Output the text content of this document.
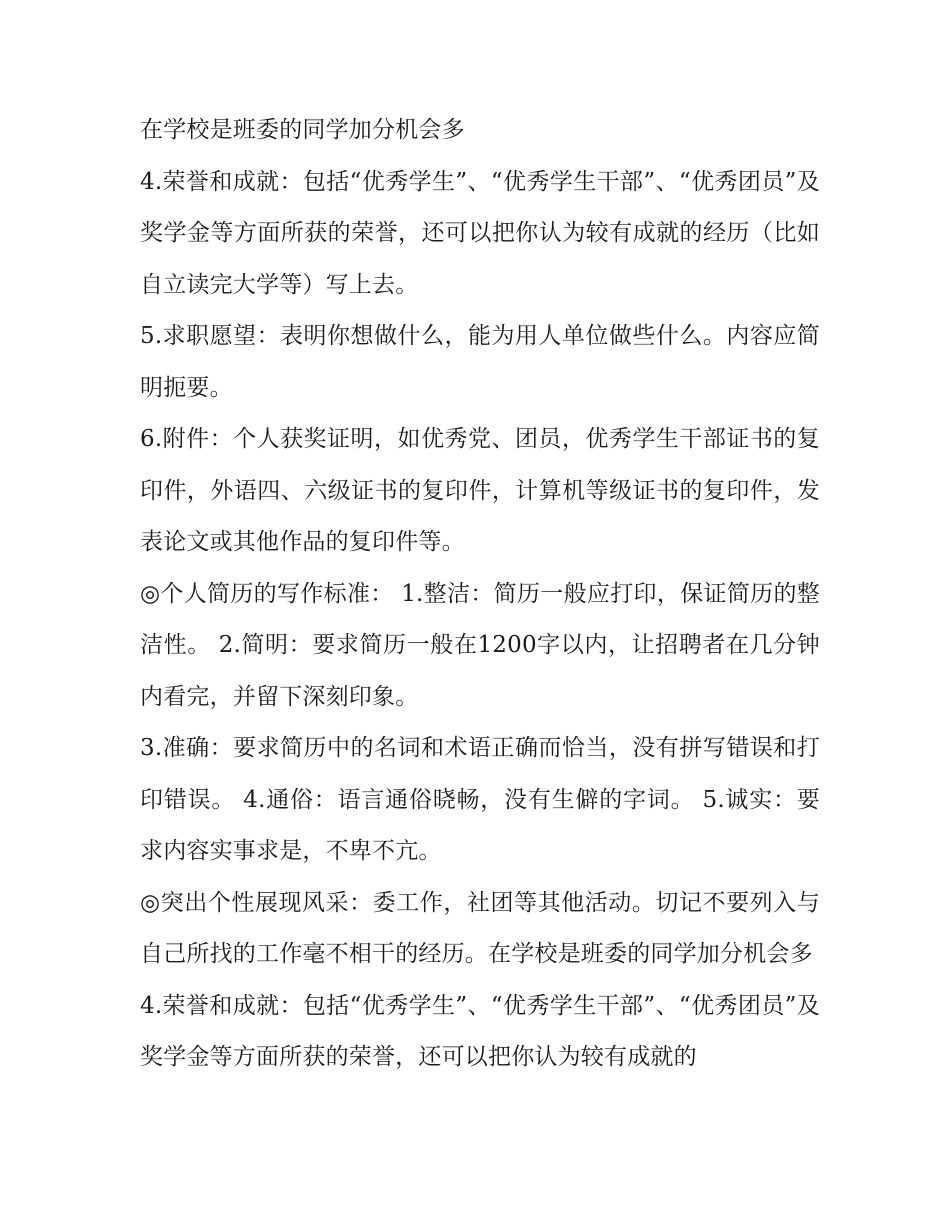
在学校是班委的同学加分机会多

4.荣誉和成就：包括“优秀学生”、“优秀学生干部”、“优秀团员”及奖学金等方面所获的荣誉，还可以把你认为较有成就的经历（比如自立读完大学等）写上去。

5.求职愿望：表明你想做什么，能为用人单位做些什么。内容应简明扼要。

6.附件：个人获奖证明，如优秀党、团员，优秀学生干部证书的复印件，外语四、六级证书的复印件，计算机等级证书的复印件，发表论文或其他作品的复印件等。

◎个人简历的写作标准： 1.整洁：简历一般应打印，保证简历的整洁性。 2.简明：要求简历一般在1200字以内，让招聘者在几分钟内看完，并留下深刻印象。

3.准确：要求简历中的名词和术语正确而恰当，没有拼写错误和打印错误。 4.通俗：语言通俗晓畅，没有生僻的字词。 5.诚实：要求内容实事求是，不卑不亢。

◎突出个性展现风采：委工作，社团等其他活动。切记不要列入与自己所找的工作毫不相干的经历。在学校是班委的同学加分机会多

4.荣誉和成就：包括“优秀学生”、“优秀学生干部”、“优秀团员”及奖学金等方面所获的荣誉，还可以把你认为较有成就的
